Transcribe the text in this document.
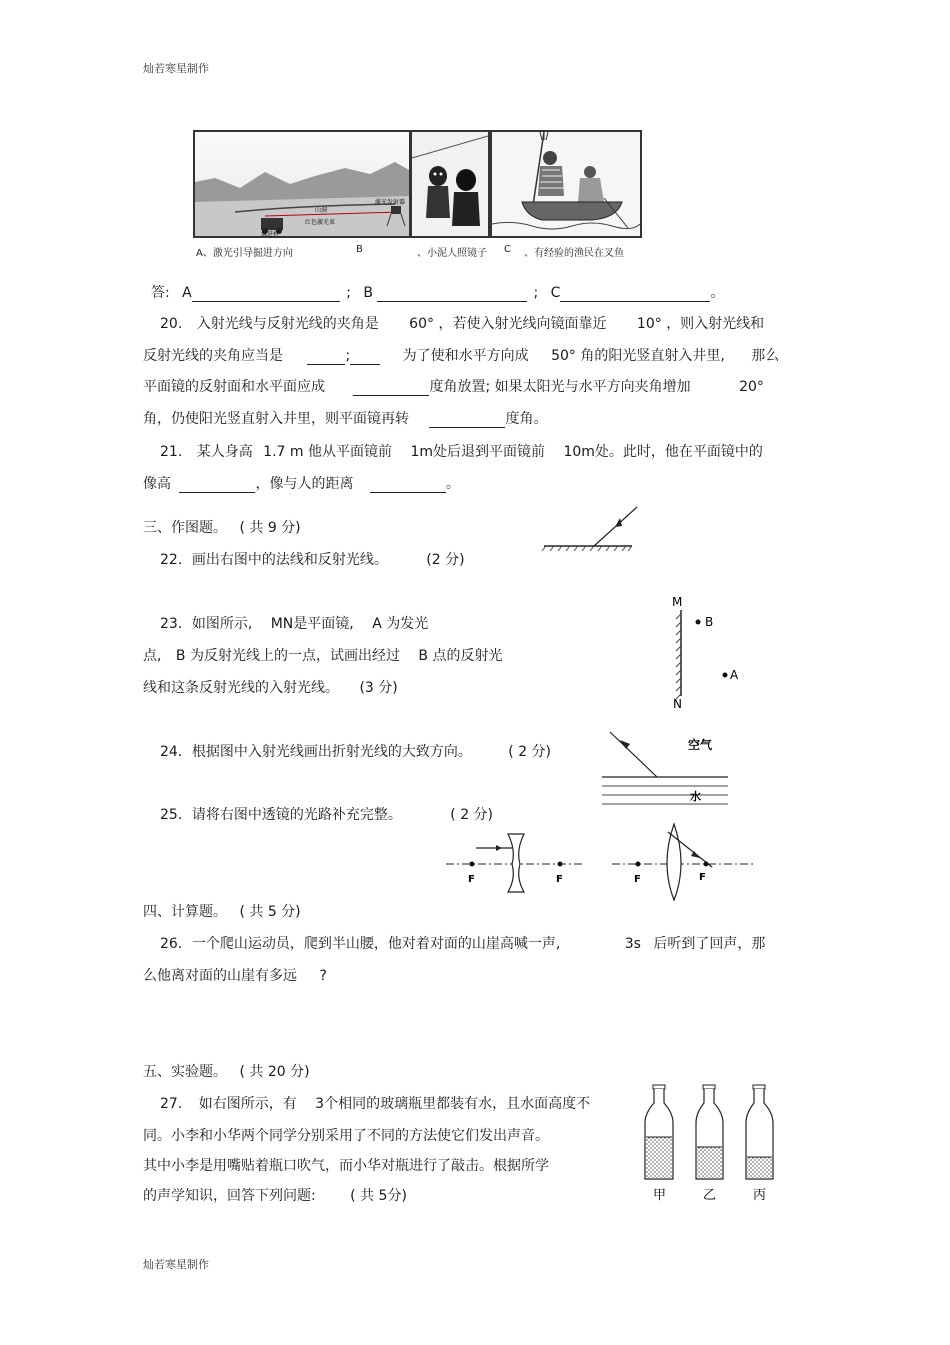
灿若寒星制作
灿若寒星制作
山洞
红色激光束
掘进机
激光发射器
A、激光引导掘进方向	B	、小泥人照镜子 C 、有经验的渔民在叉鱼
答: A	; B	; C	。
20. 入射光线与反射光线的夹角是 60° ，若使入射光线向镜面靠近 10° ，则入射光线和
反射光线的夹角应当是	;	为了使和水平方向成 50° 角的阳光竖直射入井里, 那么
平面镜的反射面和水平面应成	度角放置; 如果太阳光与水平方向夹角增加	20°
角，仍使阳光竖直射入井里，则平面镜再转	度角。
21. 某人身高 1.7 m 他从平面镜前 1m处后退到平面镜前 10m处。此时，他在平面镜中的
像高	，像与人的距离	。
三、作图题。 ( 共 9 分)
22．画出右图中的法线和反射光线。	(2 分)
23．如图所示, MN是平面镜, A 为发光
点, B 为反射光线上的一点，试画出经过 B 点的反射光
线和这条反射光线的入射光线。 (3 分)
M
N
B
A
24．根据图中入射光线画出折射光线的大致方向。	( 2 分)	空气
水
25．请将右图中透镜的光路补充完整。	( 2 分)
F	F	F	F
四、计算题。 ( 共 5 分)
26．一个爬山运动员，爬到半山腰，他对着对面的山崖高喊一声,	3s 后听到了回声，那
么他离对面的山崖有多远 ?
五、实验题。 ( 共 20 分)
27. 如右图所示，有 3个相同的玻璃瓶里都装有水，且水面高度不
同。小李和小华两个同学分别采用了不同的方法使它们发出声音。
其中小李是用嘴贴着瓶口吹气，而小华对瓶进行了敲击。根据所学
的声学知识，回答下列问题: ( 共 5分)	甲	乙	丙
